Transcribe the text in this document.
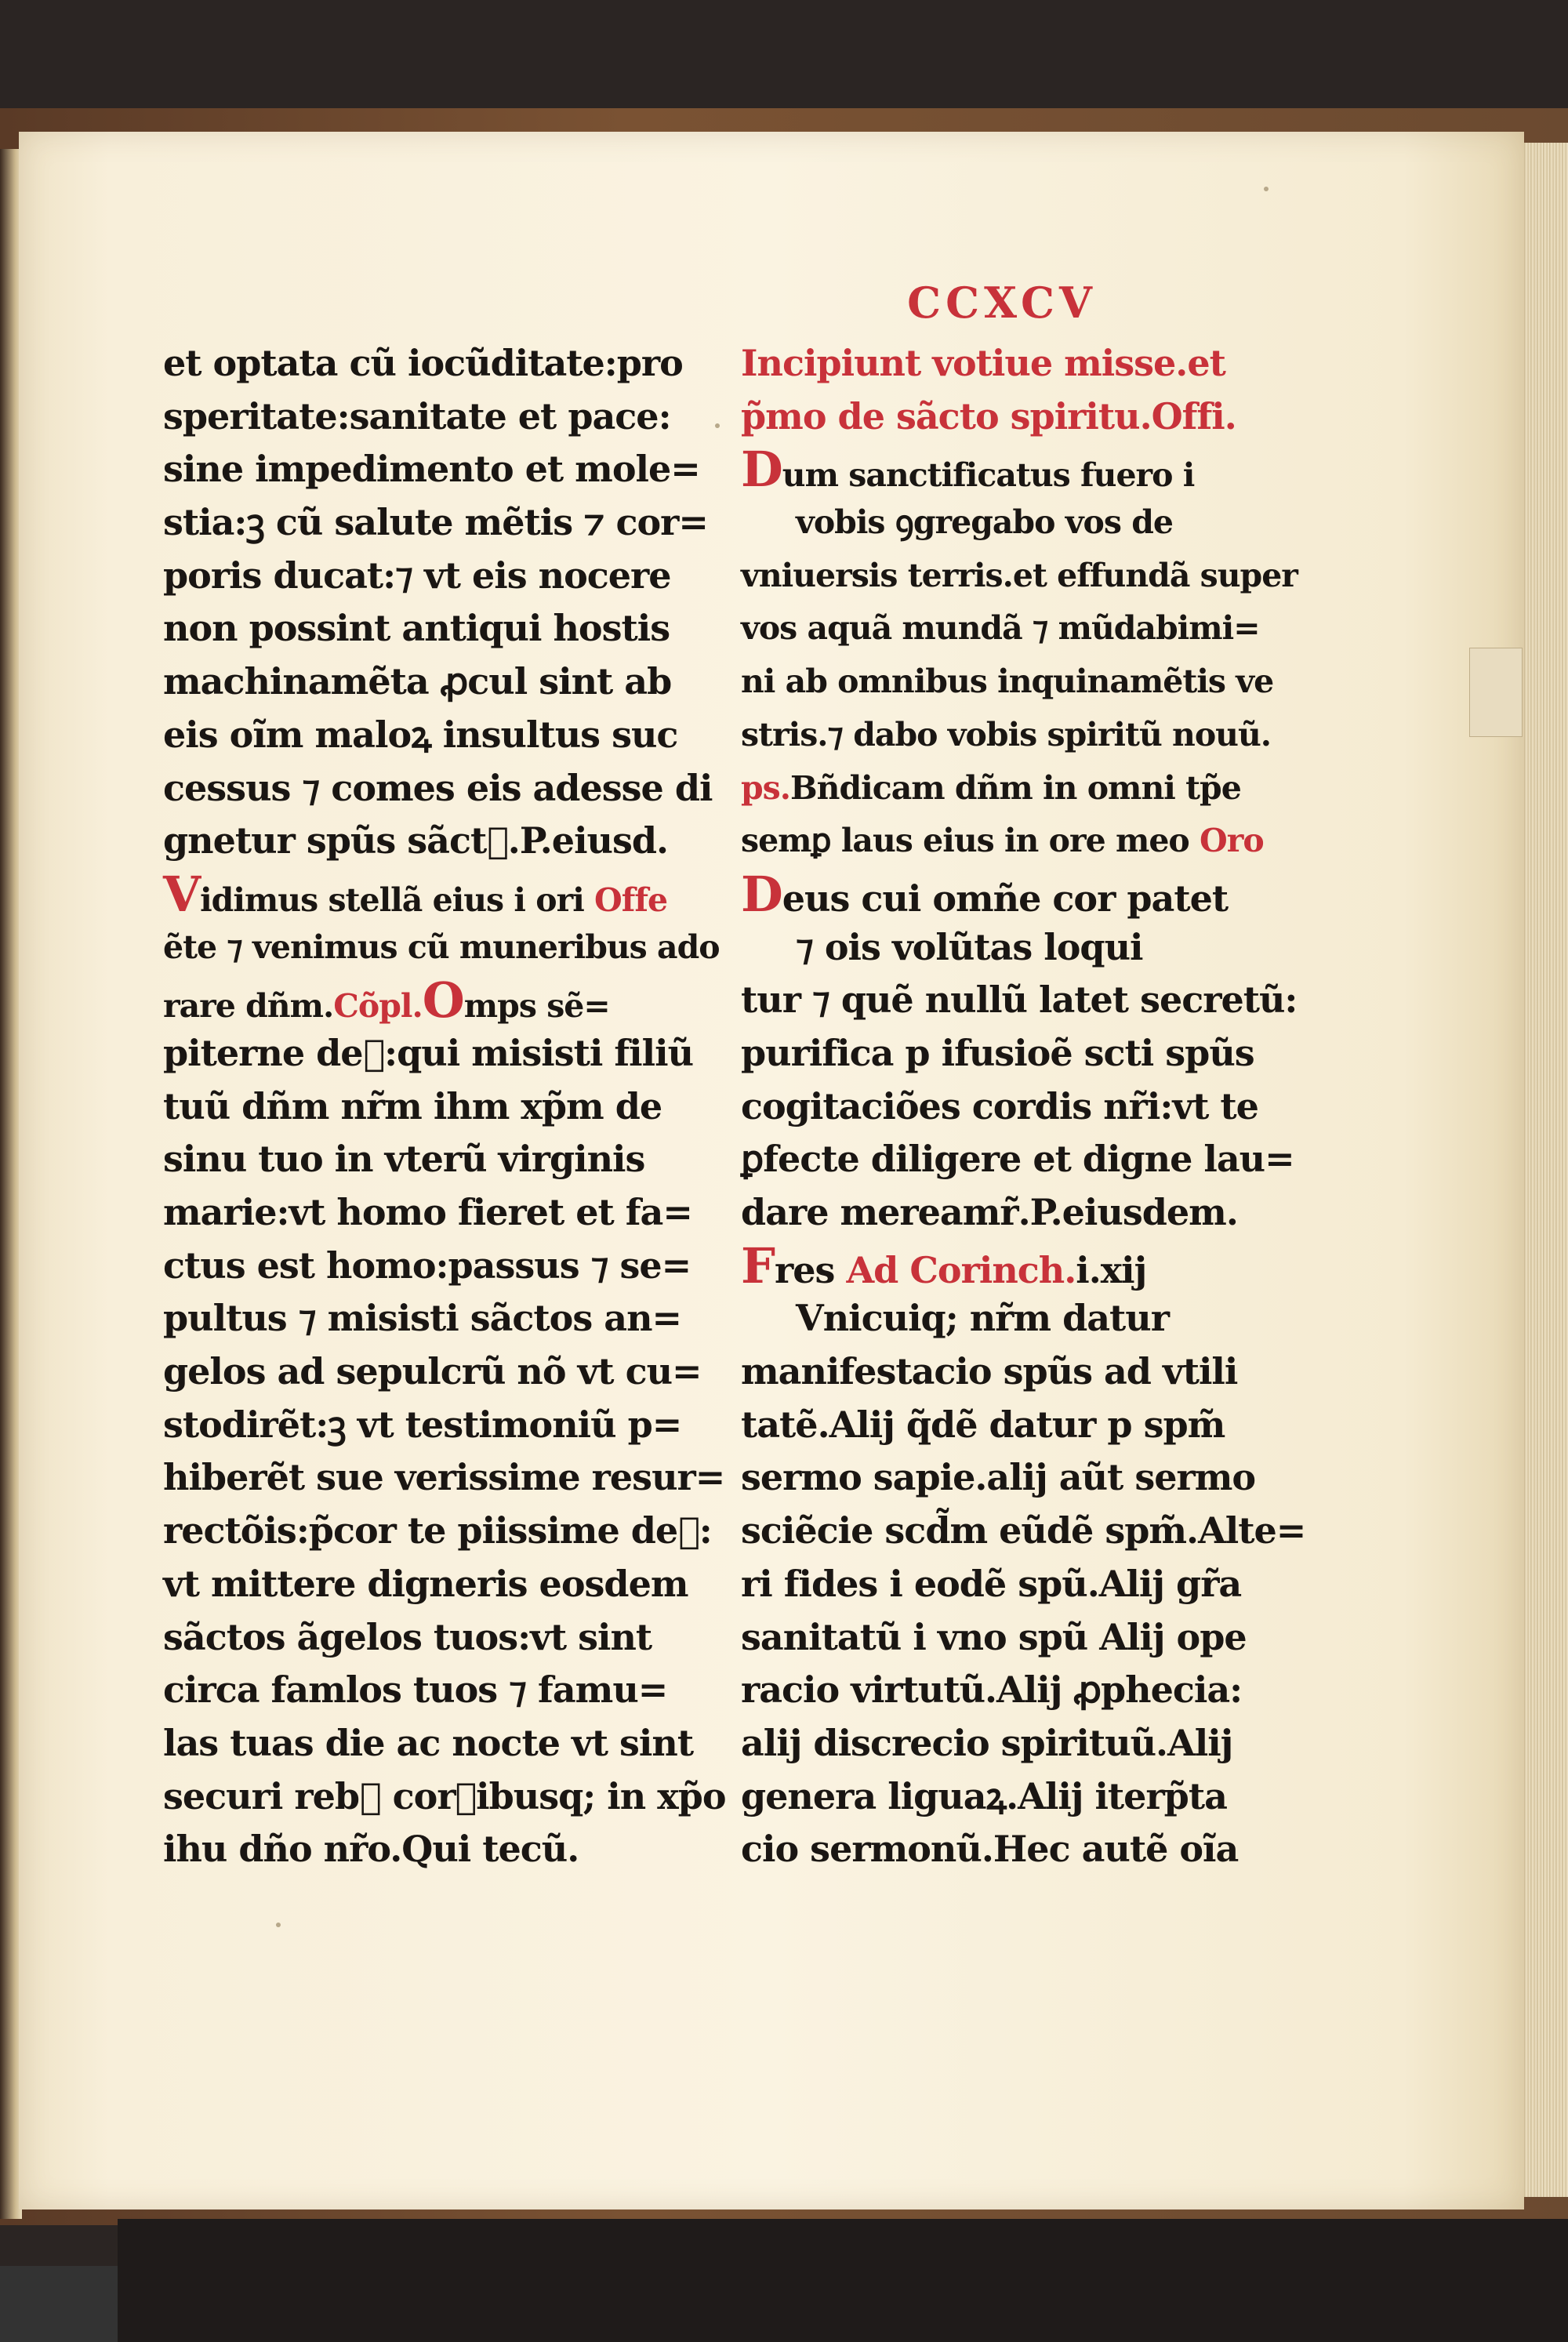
CCXCV
et optata cũ iocũditate:pro
speritate:sanitate et pace:
sine impedimento et mole=
stia:ꝫ cũ salute mẽtis ⁊ cor=
poris ducat:⁊ vt eis nocere
non possint antiqui hostis
machinamẽta ꝓcul sint ab
eis oĩm maloꝝ insultus suc
cessus ⁊ comes eis adesse di
gnetur spũs sãct᷒.P.eiusd.
Vidimus stellã eius i ori Offe
ẽte ⁊ venimus cũ muneribus ado
rare dñm.Cõpl.Omps sẽ=
piterne de᷒:qui misisti filiũ
tuũ dñm nr̃m ihm xp̃m de
sinu tuo in vterũ virginis
marie:vt homo fieret et fa=
ctus est homo:passus ⁊ se=
pultus ⁊ misisti sãctos an=
gelos ad sepulcrũ nõ vt cu=
stodirẽt:ꝫ vt testimoniũ p=
hiberẽt sue verissime resur=
rectõis:p̃cor te piissime de᷒:
vt mittere digneris eosdem
sãctos ãgelos tuos:vt sint
circa famlos tuos ⁊ famu=
las tuas die ac nocte vt sint
securi reb᷒ corꝑibusq; in xp̃o
ihu dño nr̃o.Qui tecũ.
Incipiunt votiue misse.et
p̃mo de sãcto spiritu.Offi.
Dum sanctificatus fuero i
vobis ꝯgregabo vos de
vniuersis terris.et effundã super
vos aquã mundã ⁊ mũdabimi=
ni ab omnibus inquinamẽtis ve
stris.⁊ dabo vobis spiritũ nouũ.
ps.Bñdicam dñm in omni tp̃e
semꝑ laus eius in ore meo Oro
Deus cui omñe cor patet
⁊ ois volũtas loqui
tur ⁊ quẽ nullũ latet secretũ:
purifica p ifusioẽ scti spũs
cogitaciões cordis nr̃i:vt te
ꝑfecte diligere et digne lau=
dare mereamr̃.P.eiusdem.
Fres Ad Corinch.i.xij
Vnicuiq; nr̃m datur
manifestacio spũs ad vtili
tatẽ.Alij q̃dẽ datur p spm̃
sermo sapie.alij aũt sermo
sciẽcie scd̃m eũdẽ spm̃.Alte=
ri fides i eodẽ spũ.Alij gr̃a
sanitatũ i vno spũ Alij ope
racio virtutũ.Alij ꝓphecia:
alij discrecio spirituũ.Alij
genera liguaꝝ.Alij iterp̃ta
cio sermonũ.Hec autẽ oĩa
